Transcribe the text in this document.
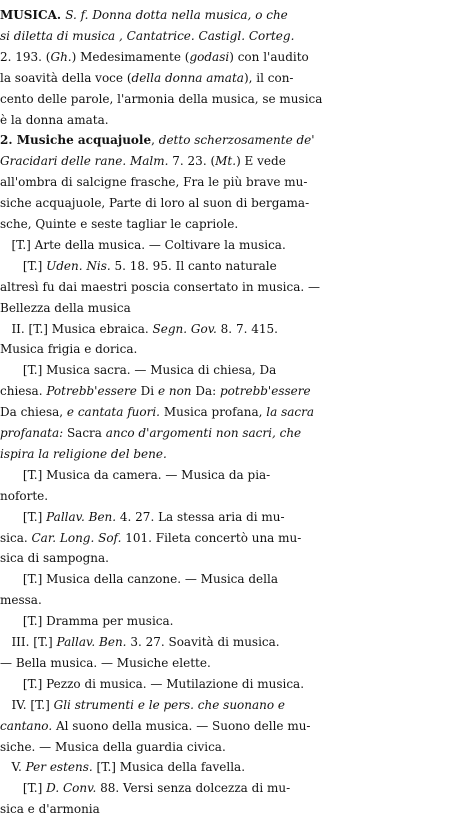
MUSICA. S. f. Donna dotta nella musica, o che
si diletta di musica , Cantatrice. Castigl. Corteg.
2. 193. (Gh.) Medesimamente (godasi) con l'audito
la soavità della voce (della donna amata), il con-
cento delle parole, l'armonia della musica, se musica
è la donna amata.
2. Musiche acquajuole, detto scherzosamente de'
Gracidari delle rane. Malm. 7. 23. (Mt.) E vede
all'ombra di salcigne frasche, Fra le più brave mu-
siche acquajuole, Parte di loro al suon di bergama-
sche, Quinte e seste tagliar le capriole.
[T.] Arte della musica. — Coltivare la musica.
[T.] Uden. Nis. 5. 18. 95. Il canto naturale
altresì fu dai maestri poscia consertato in musica. —
Bellezza della musica
II. [T.] Musica ebraica. Segn. Gov. 8. 7. 415.
Musica frigia e dorica.
[T.] Musica sacra. — Musica di chiesa, Da
chiesa. Potrebb'essere Di e non Da: potrebb'essere
Da chiesa, e cantata fuori. Musica profana, la sacra
profanata: Sacra anco d'argomenti non sacri, che
ispira la religione del bene.
[T.] Musica da camera. — Musica da pia-
noforte.
[T.] Pallav. Ben. 4. 27. La stessa aria di mu-
sica. Car. Long. Sof. 101. Fileta concertò una mu-
sica di sampogna.
[T.] Musica della canzone. — Musica della
messa.
[T.] Dramma per musica.
III. [T.] Pallav. Ben. 3. 27. Soavità di musica.
— Bella musica. — Musiche elette.
[T.] Pezzo di musica. — Mutilazione di musica.
IV. [T.] Gli strumenti e le pers. che suonano e
cantano. Al suono della musica. — Suono delle mu-
siche. — Musica della guardia civica.
V. Per estens. [T.] Musica della favella.
[T.] D. Conv. 88. Versi senza dolcezza di mu-
sica e d'armonia
